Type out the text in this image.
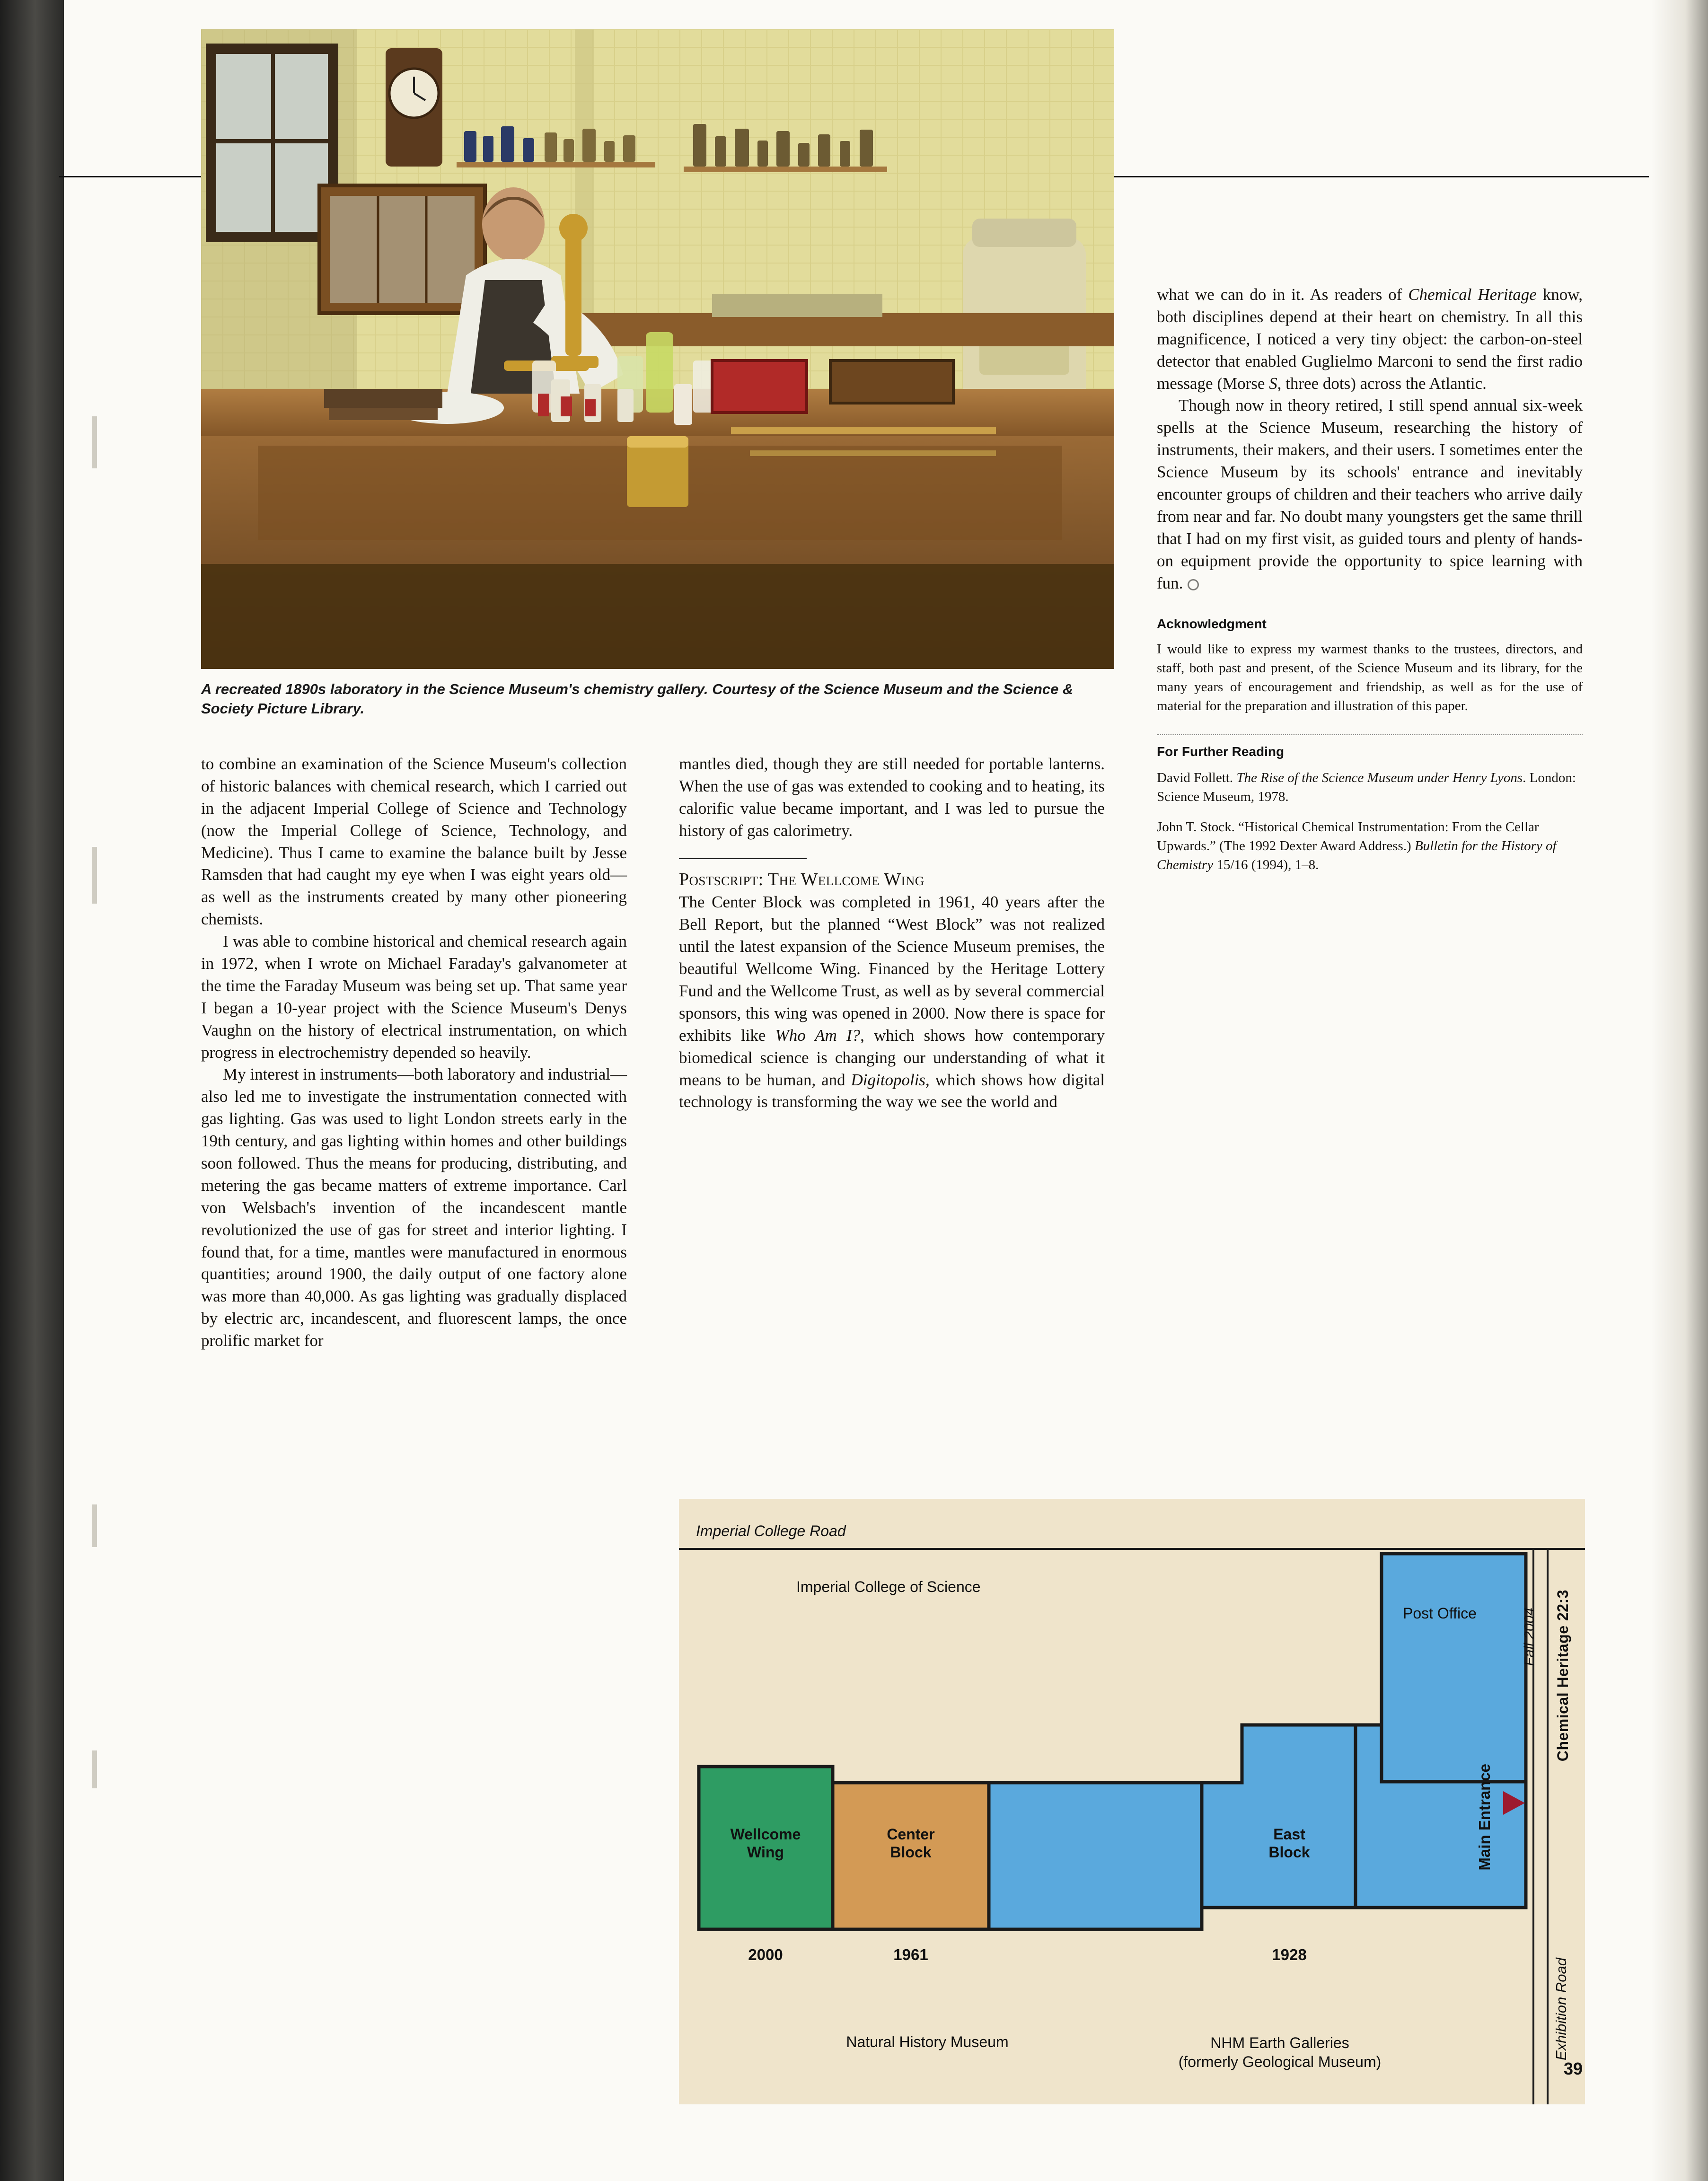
A recreated 1890s laboratory in the Science Museum's chemistry gallery. Courtesy of the Science Museum and the Science & Society Picture Library.

to combine an examination of the Science Museum's collection of historic balances with chemical research, which I carried out in the adjacent Imperial College of Science and Technology (now the Imperial College of Science, Technology, and Medicine). Thus I came to examine the balance built by Jesse Ramsden that had caught my eye when I was eight years old—as well as the instruments created by many other pioneering chemists.

I was able to combine historical and chemical research again in 1972, when I wrote on Michael Faraday's galvanometer at the time the Faraday Museum was being set up. That same year I began a 10-year project with the Science Museum's Denys Vaughn on the history of electrical instrumentation, on which progress in electrochemistry depended so heavily.

My interest in instruments—both laboratory and industrial—also led me to investigate the instrumentation connected with gas lighting. Gas was used to light London streets early in the 19th century, and gas lighting within homes and other buildings soon followed. Thus the means for producing, distributing, and metering the gas became matters of extreme importance. Carl von Welsbach's invention of the incandescent mantle revolutionized the use of gas for street and interior lighting. I found that, for a time, mantles were manufactured in enormous quantities; around 1900, the daily output of one factory alone was more than 40,000. As gas lighting was gradually displaced by electric arc, incandescent, and fluorescent lamps, the once prolific market for

mantles died, though they are still needed for portable lanterns. When the use of gas was extended to cooking and to heating, its calorific value became important, and I was led to pursue the history of gas calorimetry.

Postscript: The Wellcome Wing

The Center Block was completed in 1961, 40 years after the Bell Report, but the planned “West Block” was not realized until the latest expansion of the Science Museum premises, the beautiful Wellcome Wing. Financed by the Heritage Lottery Fund and the Wellcome Trust, as well as by several commercial sponsors, this wing was opened in 2000. Now there is space for exhibits like Who Am I?, which shows how contemporary biomedical science is changing our understanding of what it means to be human, and Digitopolis, which shows how digital technology is transforming the way we see the world and

what we can do in it. As readers of Chemical Heritage know, both disciplines depend at their heart on chemistry. In all this magnificence, I noticed a very tiny object: the carbon-on-steel detector that enabled Guglielmo Marconi to send the first radio message (Morse S, three dots) across the Atlantic.

Though now in theory retired, I still spend annual six-week spells at the Science Museum, researching the history of instruments, their makers, and their users. I sometimes enter the Science Museum by its schools' entrance and inevitably encounter groups of children and their teachers who arrive daily from near and far. No doubt many youngsters get the same thrill that I had on my first visit, as guided tours and plenty of hands-on equipment provide the opportunity to spice learning with fun.

Acknowledgment
I would like to express my warmest thanks to the trustees, directors, and staff, both past and present, of the Science Museum and its library, for the many years of encouragement and friendship, as well as for the use of material for the preparation and illustration of this paper.
For Further Reading
David Follett. The Rise of the Science Museum under Henry Lyons. London: Science Museum, 1978.
John T. Stock. “Historical Chemical Instrumentation: From the Cellar Upwards.” (The 1992 Dexter Award Address.) Bulletin for the History of Chemistry 15/16 (1994), 1–8.
Imperial College Road
Imperial College of Science
Post Office
Wellcome
Wing
Center
Block
East
Block
2000	1961	1928
Natural History Museum	NHM Earth Galleries
(formerly Geological Museum)
Main Entrance
Exhibition Road
Chemical Heritage 22:3
Fall 2004
39
